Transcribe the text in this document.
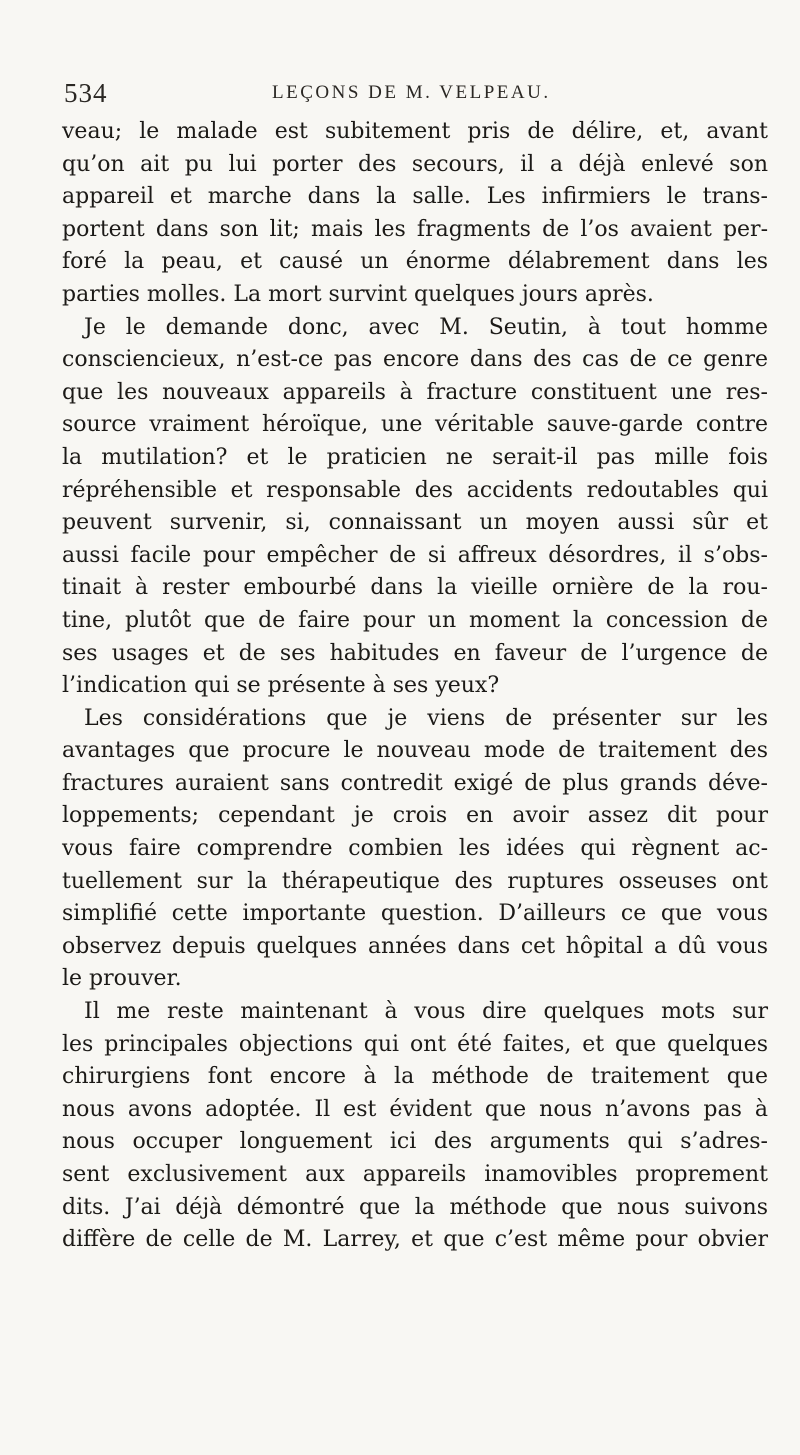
534	LEÇONS DE M. VELPEAU.
veau; le malade est subitement pris de délire, et, avant
qu’on ait pu lui porter des secours, il a déjà enlevé son
appareil et marche dans la salle. Les infirmiers le trans-
portent dans son lit; mais les fragments de l’os avaient per-
foré la peau, et causé un énorme délabrement dans les
parties molles. La mort survint quelques jours après.
Je le demande donc, avec M. Seutin, à tout homme
consciencieux, n’est-ce pas encore dans des cas de ce genre
que les nouveaux appareils à fracture constituent une res-
source vraiment héroïque, une véritable sauve-garde contre
la mutilation? et le praticien ne serait-il pas mille fois
répréhensible et responsable des accidents redoutables qui
peuvent survenir, si, connaissant un moyen aussi sûr et
aussi facile pour empêcher de si affreux désordres, il s’obs-
tinait à rester embourbé dans la vieille ornière de la rou-
tine, plutôt que de faire pour un moment la concession de
ses usages et de ses habitudes en faveur de l’urgence de
l’indication qui se présente à ses yeux?
Les considérations que je viens de présenter sur les
avantages que procure le nouveau mode de traitement des
fractures auraient sans contredit exigé de plus grands déve-
loppements; cependant je crois en avoir assez dit pour
vous faire comprendre combien les idées qui règnent ac-
tuellement sur la thérapeutique des ruptures osseuses ont
simplifié cette importante question. D’ailleurs ce que vous
observez depuis quelques années dans cet hôpital a dû vous
le prouver.
Il me reste maintenant à vous dire quelques mots sur
les principales objections qui ont été faites, et que quelques
chirurgiens font encore à la méthode de traitement que
nous avons adoptée. Il est évident que nous n’avons pas à
nous occuper longuement ici des arguments qui s’adres-
sent exclusivement aux appareils inamovibles proprement
dits. J’ai déjà démontré que la méthode que nous suivons
diffère de celle de M. Larrey, et que c’est même pour obvier
